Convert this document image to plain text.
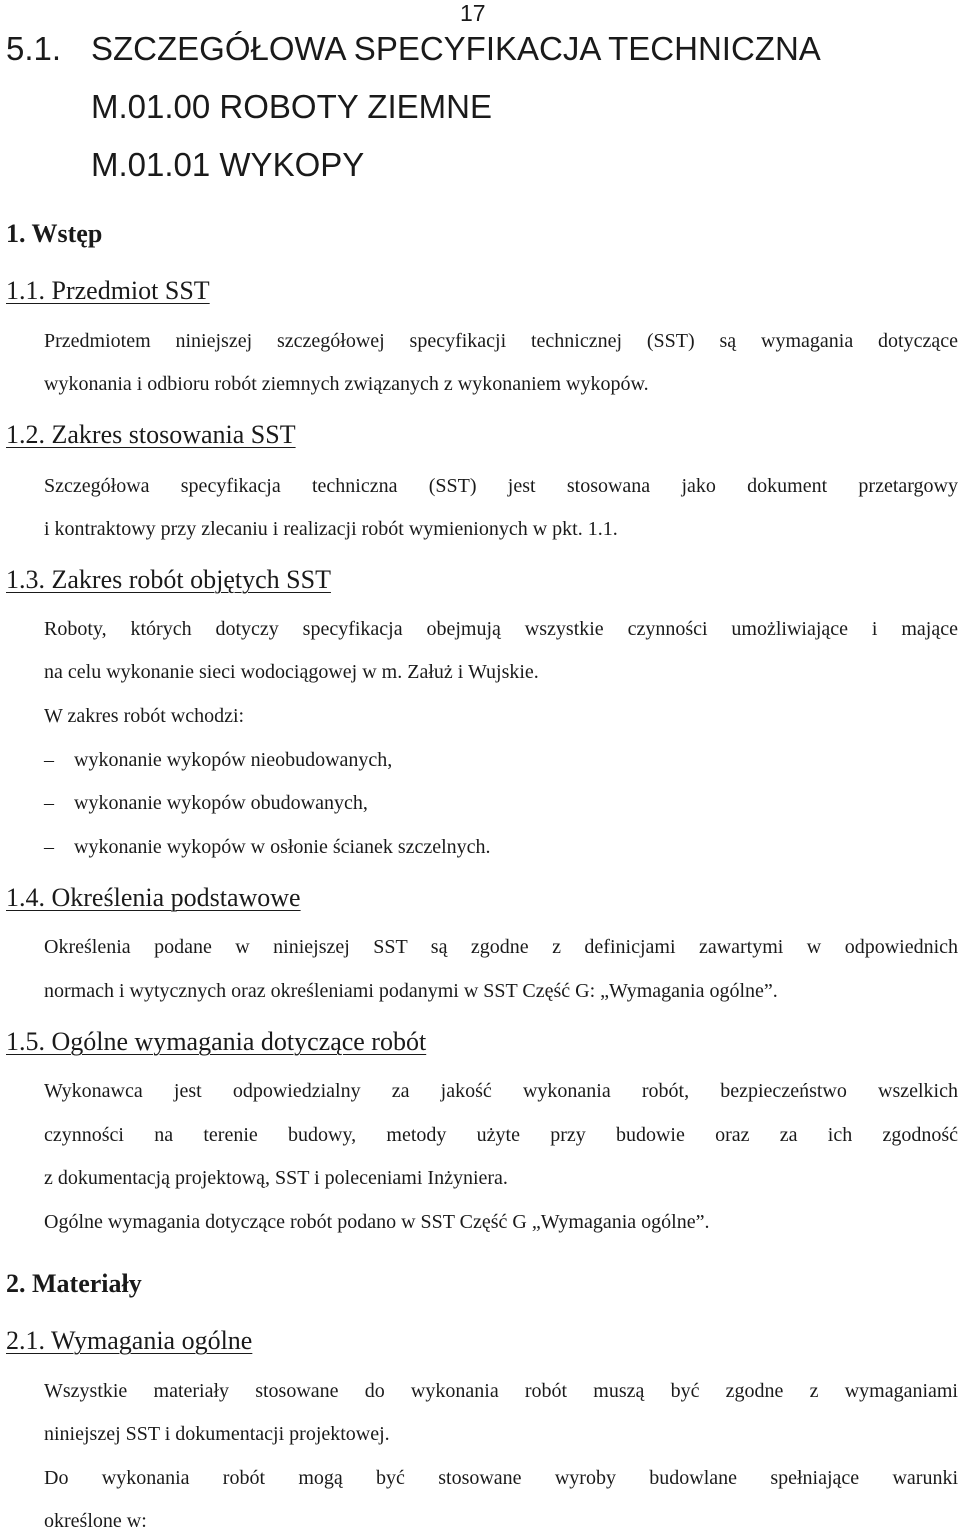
17
5.1. SZCZEGÓŁOWA SPECYFIKACJA TECHNICZNA
M.01.00 ROBOTY ZIEMNE
M.01.01 WYKOPY
1. Wstęp
1.1. Przedmiot SST
Przedmiotem niniejszej szczegółowej specyfikacji technicznej (SST) są wymagania dotyczące
wykonania i odbioru robót ziemnych związanych z wykonaniem wykopów.
1.2. Zakres stosowania SST
Szczegółowa specyfikacja techniczna (SST) jest stosowana jako dokument przetargowy
i kontraktowy przy zlecaniu i realizacji robót wymienionych w pkt. 1.1.
1.3. Zakres robót objętych SST
Roboty, których dotyczy specyfikacja obejmują wszystkie czynności umożliwiające i mające
na celu wykonanie sieci wodociągowej w m. Załuż i Wujskie.
W zakres robót wchodzi:
– wykonanie wykopów nieobudowanych,
– wykonanie wykopów obudowanych,
– wykonanie wykopów w osłonie ścianek szczelnych.
1.4. Określenia podstawowe
Określenia podane w niniejszej SST są zgodne z definicjami zawartymi w odpowiednich
normach i wytycznych oraz określeniami podanymi w SST Część G: „Wymagania ogólne”.
1.5. Ogólne wymagania dotyczące robót
Wykonawca jest odpowiedzialny za jakość wykonania robót, bezpieczeństwo wszelkich
czynności na terenie budowy, metody użyte przy budowie oraz za ich zgodność
z dokumentacją projektową, SST i poleceniami Inżyniera.
Ogólne wymagania dotyczące robót podano w SST Część G „Wymagania ogólne”.
2. Materiały
2.1. Wymagania ogólne
Wszystkie materiały stosowane do wykonania robót muszą być zgodne z wymaganiami
niniejszej SST i dokumentacji projektowej.
Do wykonania robót mogą być stosowane wyroby budowlane spełniające warunki
określone w:
